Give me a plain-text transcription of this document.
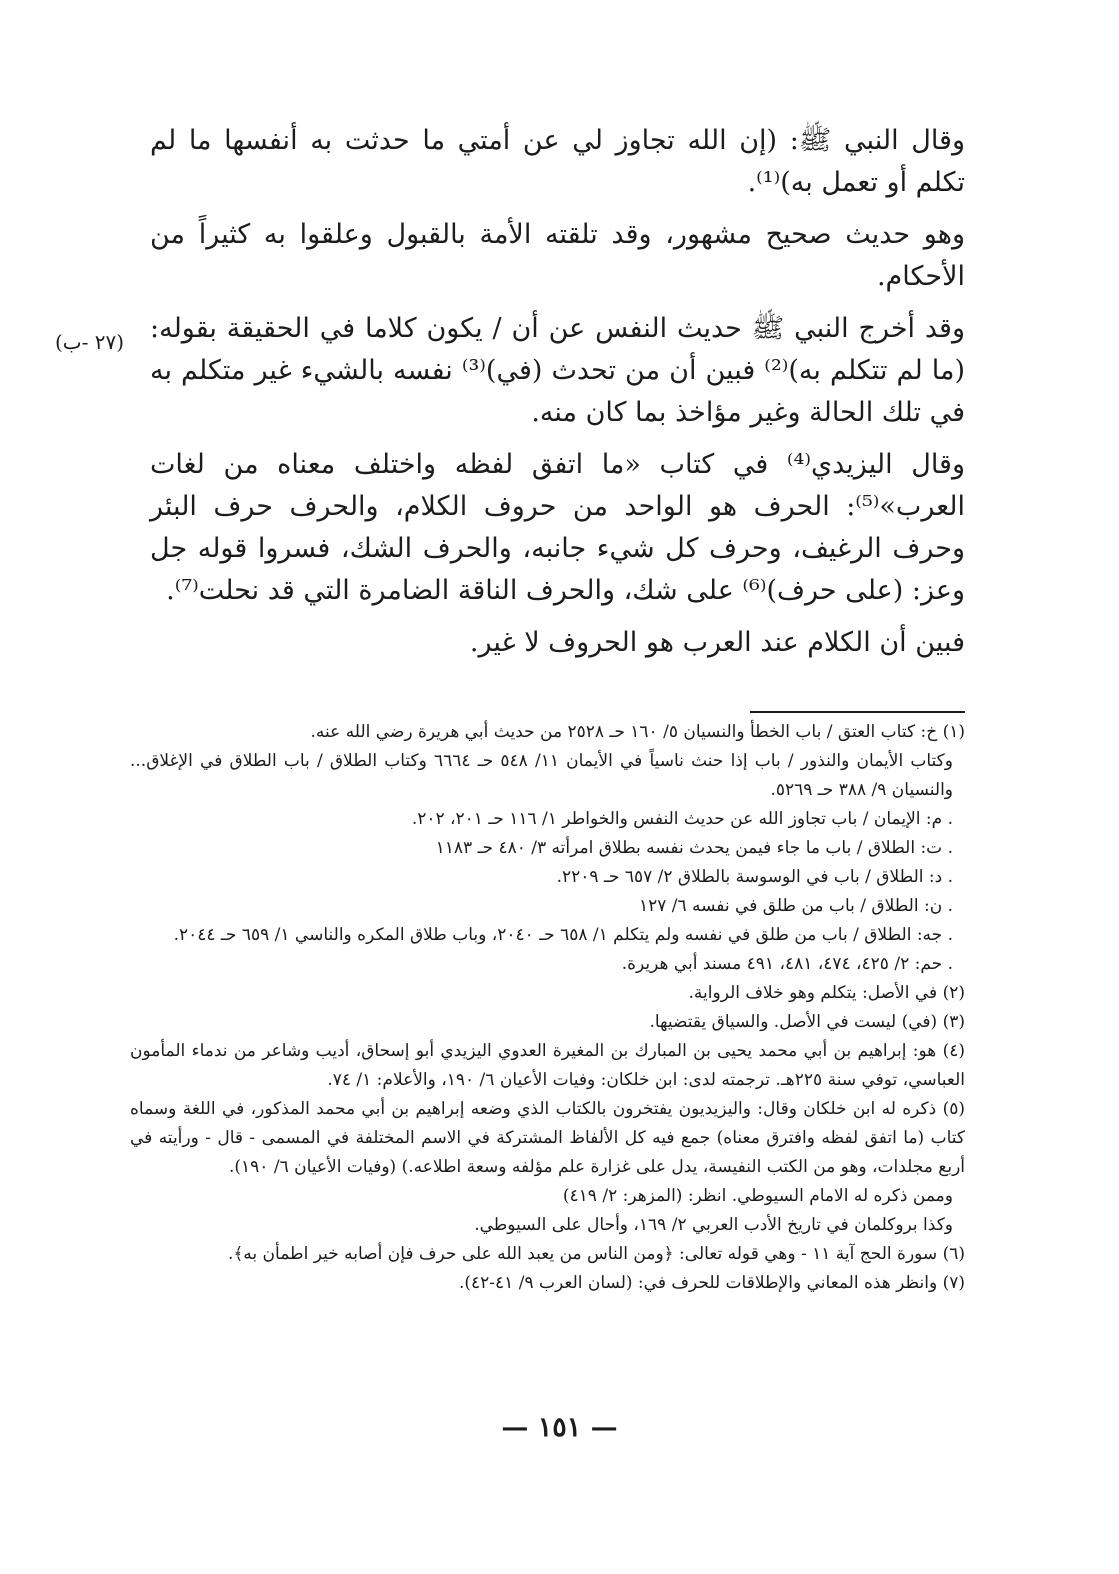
(٢٧ -ب)

وقال النبي ﷺ: (إن الله تجاوز لي عن أمتي ما حدثت به أنفسها ما لم تكلم أو تعمل به)⁽¹⁾.

وهو حديث صحيح مشهور، وقد تلقته الأمة بالقبول وعلقوا به كثيراً من الأحكام.

وقد أخرج النبي ﷺ حديث النفس عن أن / يكون كلاما في الحقيقة بقوله: (ما لم تتكلم به)⁽²⁾ فبين أن من تحدث (في)⁽³⁾ نفسه بالشيء غير متكلم به في تلك الحالة وغير مؤاخذ بما كان منه.

وقال اليزيدي⁽⁴⁾ في كتاب «ما اتفق لفظه واختلف معناه من لغات العرب»⁽⁵⁾: الحرف هو الواحد من حروف الكلام، والحرف حرف البئر وحرف الرغيف، وحرف كل شيء جانبه، والحرف الشك، فسروا قوله جل وعز: (على حرف)⁽⁶⁾ على شك، والحرف الناقة الضامرة التي قد نحلت⁽⁷⁾.

فبين أن الكلام عند العرب هو الحروف لا غير.

(١) خ: كتاب العتق / باب الخطأ والنسيان ٥/ ١٦٠ حـ ٢٥٢٨ من حديث أبي هريرة رضي الله عنه.

وكتاب الأيمان والنذور / باب إذا حنث ناسياً في الأيمان ١١/ ٥٤٨ حـ ٦٦٦٤ وكتاب الطلاق / باب الطلاق في الإغلاق... والنسيان ٩/ ٣٨٨ حـ ٥٢٦٩.

. م: الإيمان / باب تجاوز الله عن حديث النفس والخواطر ١/ ١١٦ حـ ٢٠١، ٢٠٢.

. ت: الطلاق / باب ما جاء فيمن يحدث نفسه بطلاق امرأته ٣/ ٤٨٠ حـ ١١٨٣

. د: الطلاق / باب في الوسوسة بالطلاق ٢/ ٦٥٧ حـ ٢٢٠٩.

. ن: الطلاق / باب من طلق في نفسه ٦/ ١٢٧

. جه: الطلاق / باب من طلق في نفسه ولم يتكلم ١/ ٦٥٨ حـ ٢٠٤٠، وباب طلاق المكره والناسي ١/ ٦٥٩ حـ ٢٠٤٤.

. حم: ٢/ ٤٢٥، ٤٧٤، ٤٨١، ٤٩١ مسند أبي هريرة.

(٢) في الأصل: يتكلم وهو خلاف الرواية.

(٣) (في) ليست في الأصل. والسياق يقتضيها.

(٤) هو: إبراهيم بن أبي محمد يحيى بن المبارك بن المغيرة العدوي اليزيدي أبو إسحاق، أديب وشاعر من ندماء المأمون العباسي، توفي سنة ٢٢٥هـ. ترجمته لدى: ابن خلكان: وفيات الأعيان ٦/ ١٩٠، والأعلام: ١/ ٧٤.

(٥) ذكره له ابن خلكان وقال: واليزيديون يفتخرون بالكتاب الذي وضعه إبراهيم بن أبي محمد المذكور، في اللغة وسماه كتاب (ما اتفق لفظه وافترق معناه) جمع فيه كل الألفاظ المشتركة في الاسم المختلفة في المسمى - قال - ورأيته في أربع مجلدات، وهو من الكتب النفيسة، يدل على غزارة علم مؤلفه وسعة اطلاعه.) (وفيات الأعيان ٦/ ١٩٠).

وممن ذكره له الامام السيوطي. انظر: (المزهر: ٢/ ٤١٩)

وكذا بروكلمان في تاريخ الأدب العربي ٢/ ١٦٩، وأحال على السيوطي.

(٦) سورة الحج آية ١١ - وهي قوله تعالى: ﴿ومن الناس من يعبد الله على حرف فإن أصابه خير اطمأن به﴾.

(٧) وانظر هذه المعاني والإطلاقات للحرف في: (لسان العرب ٩/ ٤١-٤٢).

— ١٥١ —
